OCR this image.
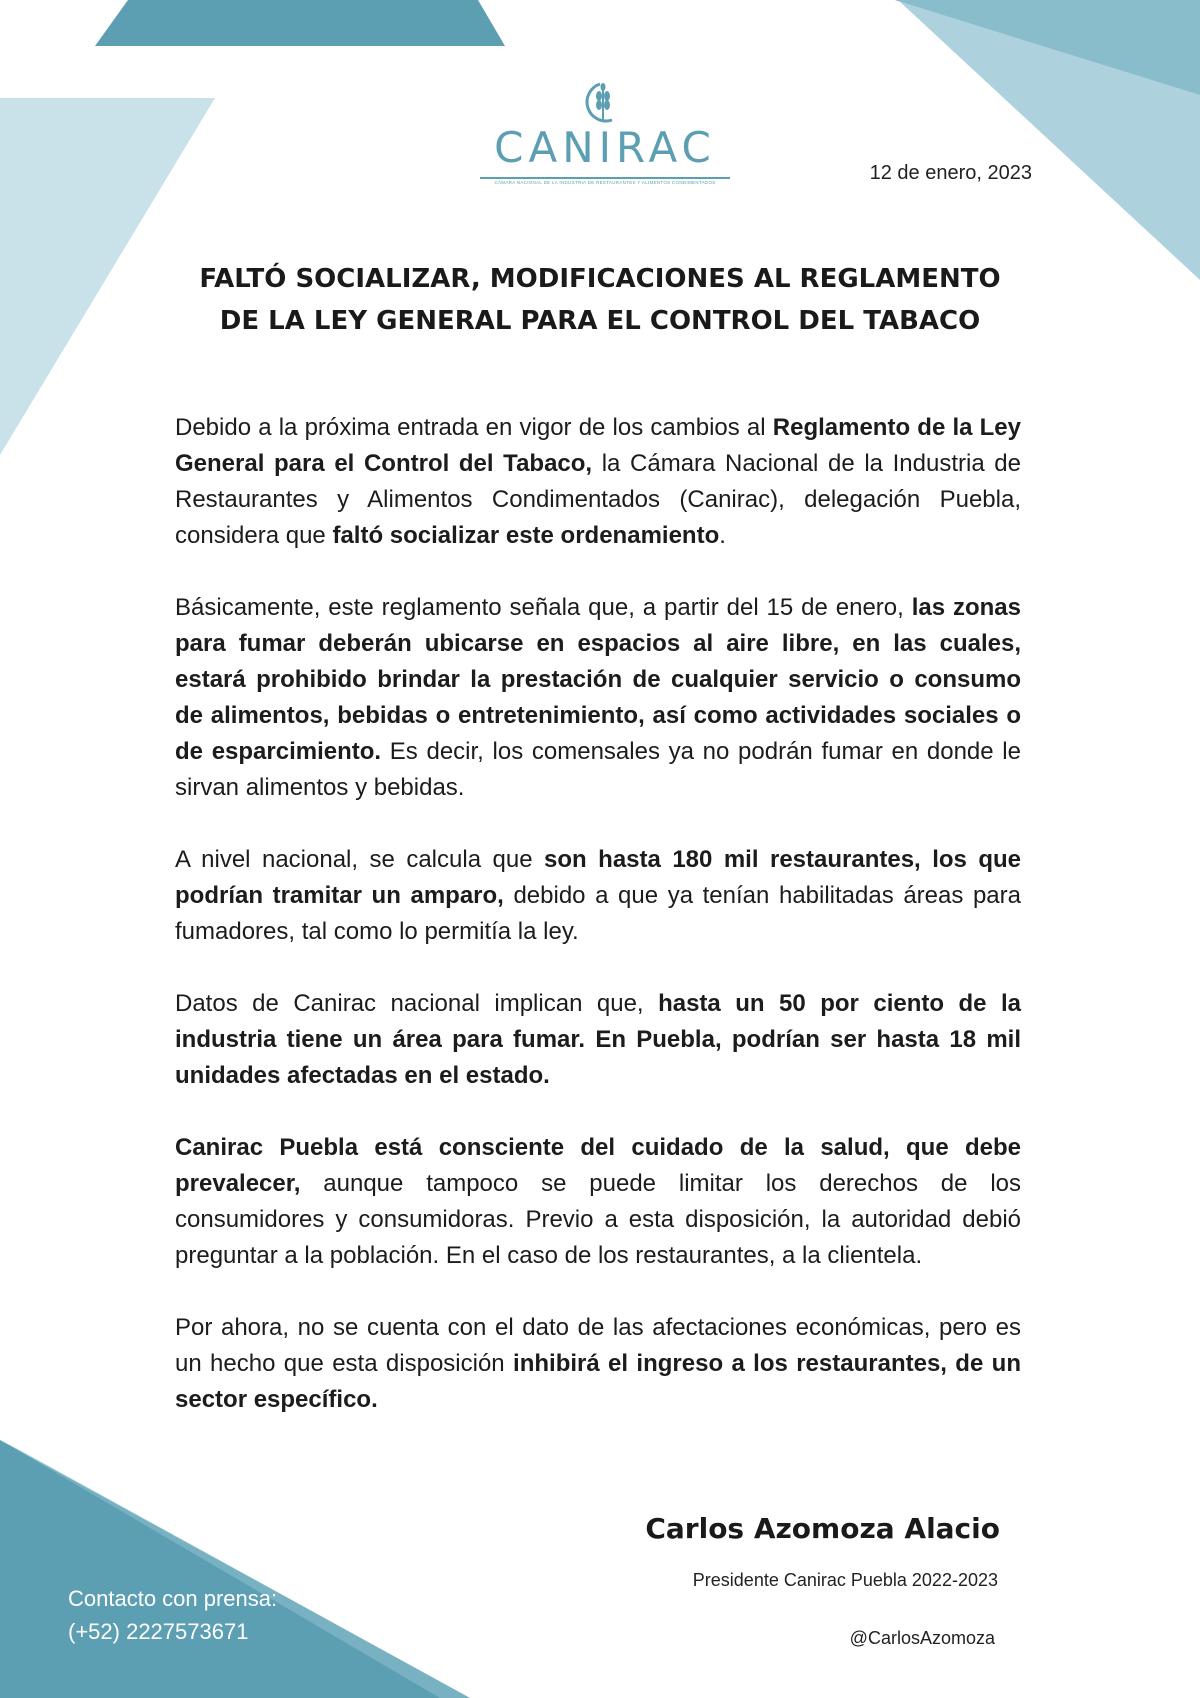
CANIRAC
CÁMARA NACIONAL DE LA INDUSTRIA DE RESTAURANTES Y ALIMENTOS CONDIMENTADOS	12 de enero, 2023
FALTÓ SOCIALIZAR, MODIFICACIONES AL REGLAMENTO
DE LA LEY GENERAL PARA EL CONTROL DEL TABACO

Debido a la próxima entrada en vigor de los cambios al Reglamento de la Ley General para el Control del Tabaco, la Cámara Nacional de la Industria de Restaurantes y Alimentos Condimentados (Canirac), delegación Puebla, considera que faltó socializar este ordenamiento.

Básicamente, este reglamento señala que, a partir del 15 de enero, las zonas para fumar deberán ubicarse en espacios al aire libre, en las cuales, estará prohibido brindar la prestación de cualquier servicio o consumo de alimentos, bebidas o entretenimiento, así como actividades sociales o de esparcimiento. Es decir, los comensales ya no podrán fumar en donde le sirvan alimentos y bebidas.

A nivel nacional, se calcula que son hasta 180 mil restaurantes, los que podrían tramitar un amparo, debido a que ya tenían habilitadas áreas para fumadores, tal como lo permitía la ley.

Datos de Canirac nacional implican que, hasta un 50 por ciento de la industria tiene un área para fumar. En Puebla, podrían ser hasta 18 mil unidades afectadas en el estado.

Canirac Puebla está consciente del cuidado de la salud, que debe prevalecer, aunque tampoco se puede limitar los derechos de los consumidores y consumidoras. Previo a esta disposición, la autoridad debió preguntar a la población. En el caso de los restaurantes, a la clientela.

Por ahora, no se cuenta con el dato de las afectaciones económicas, pero es un hecho que esta disposición inhibirá el ingreso a los restaurantes, de un sector específico.

Carlos Azomoza Alacio
Presidente Canirac Puebla 2022-2023
@CarlosAzomoza
Contacto con prensa:
(+52) 2227573671
